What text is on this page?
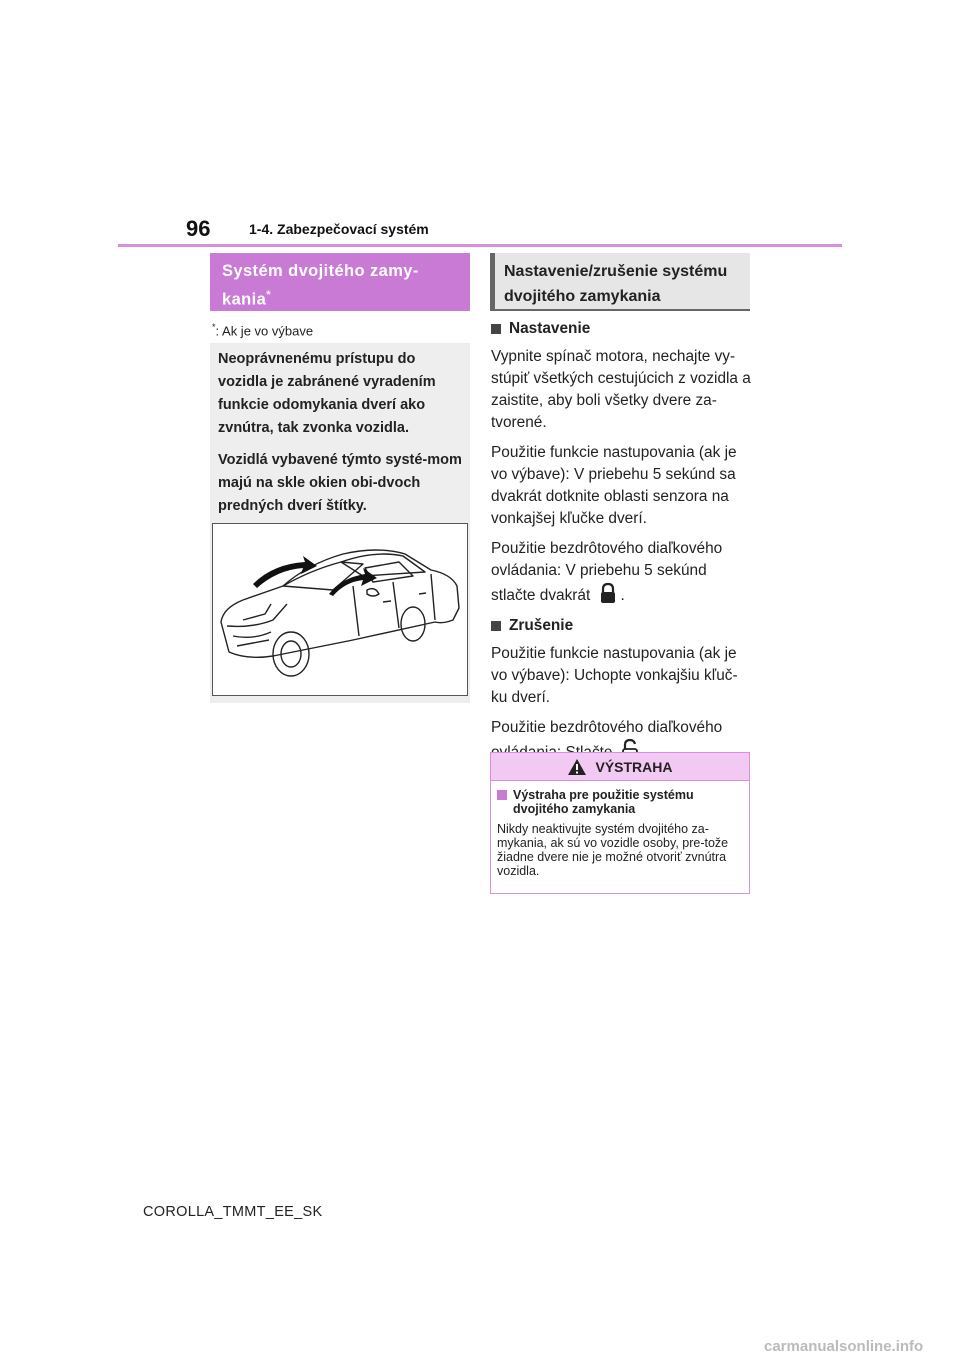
96	1-4. Zabezpečovací systém
Systém dvojitého zamy-
kania*
*: Ak je vo výbave

Neoprávnenému prístupu do vozidla je zabránené vyradením funkcie odomykania dverí ako zvnútra, tak zvonka vozidla.

Vozidlá vybavené týmto systé-mom majú na skle okien obi-dvoch predných dverí štítky.

Nastavenie/zrušenie systému dvojitého zamykania
Nastavenie

Vypnite spínač motora, nechajte vy-stúpiť všetkých cestujúcich z vozidla a zaistite, aby boli všetky dvere za-tvorené.

Použitie funkcie nastupovania (ak je vo výbave): V priebehu 5 sekúnd sa dvakrát dotknite oblasti senzora na vonkajšej kľučke dverí.

Použitie bezdrôtového diaľkového ovládania: V priebehu 5 sekúnd stlačte dvakrát .

Zrušenie

Použitie funkcie nastupovania (ak je vo výbave): Uchopte vonkajšiu kľuč-ku dverí.

Použitie bezdrôtového diaľkového

VÝSTRAHA
Výstraha pre použitie systému dvojitého zamykania
Nikdy neaktivujte systém dvojitého za-mykania, ak sú vo vozidle osoby, pre-tože žiadne dvere nie je možné otvoriť zvnútra vozidla.
COROLLA_TMMT_EE_SK
carmanualsonline.info
